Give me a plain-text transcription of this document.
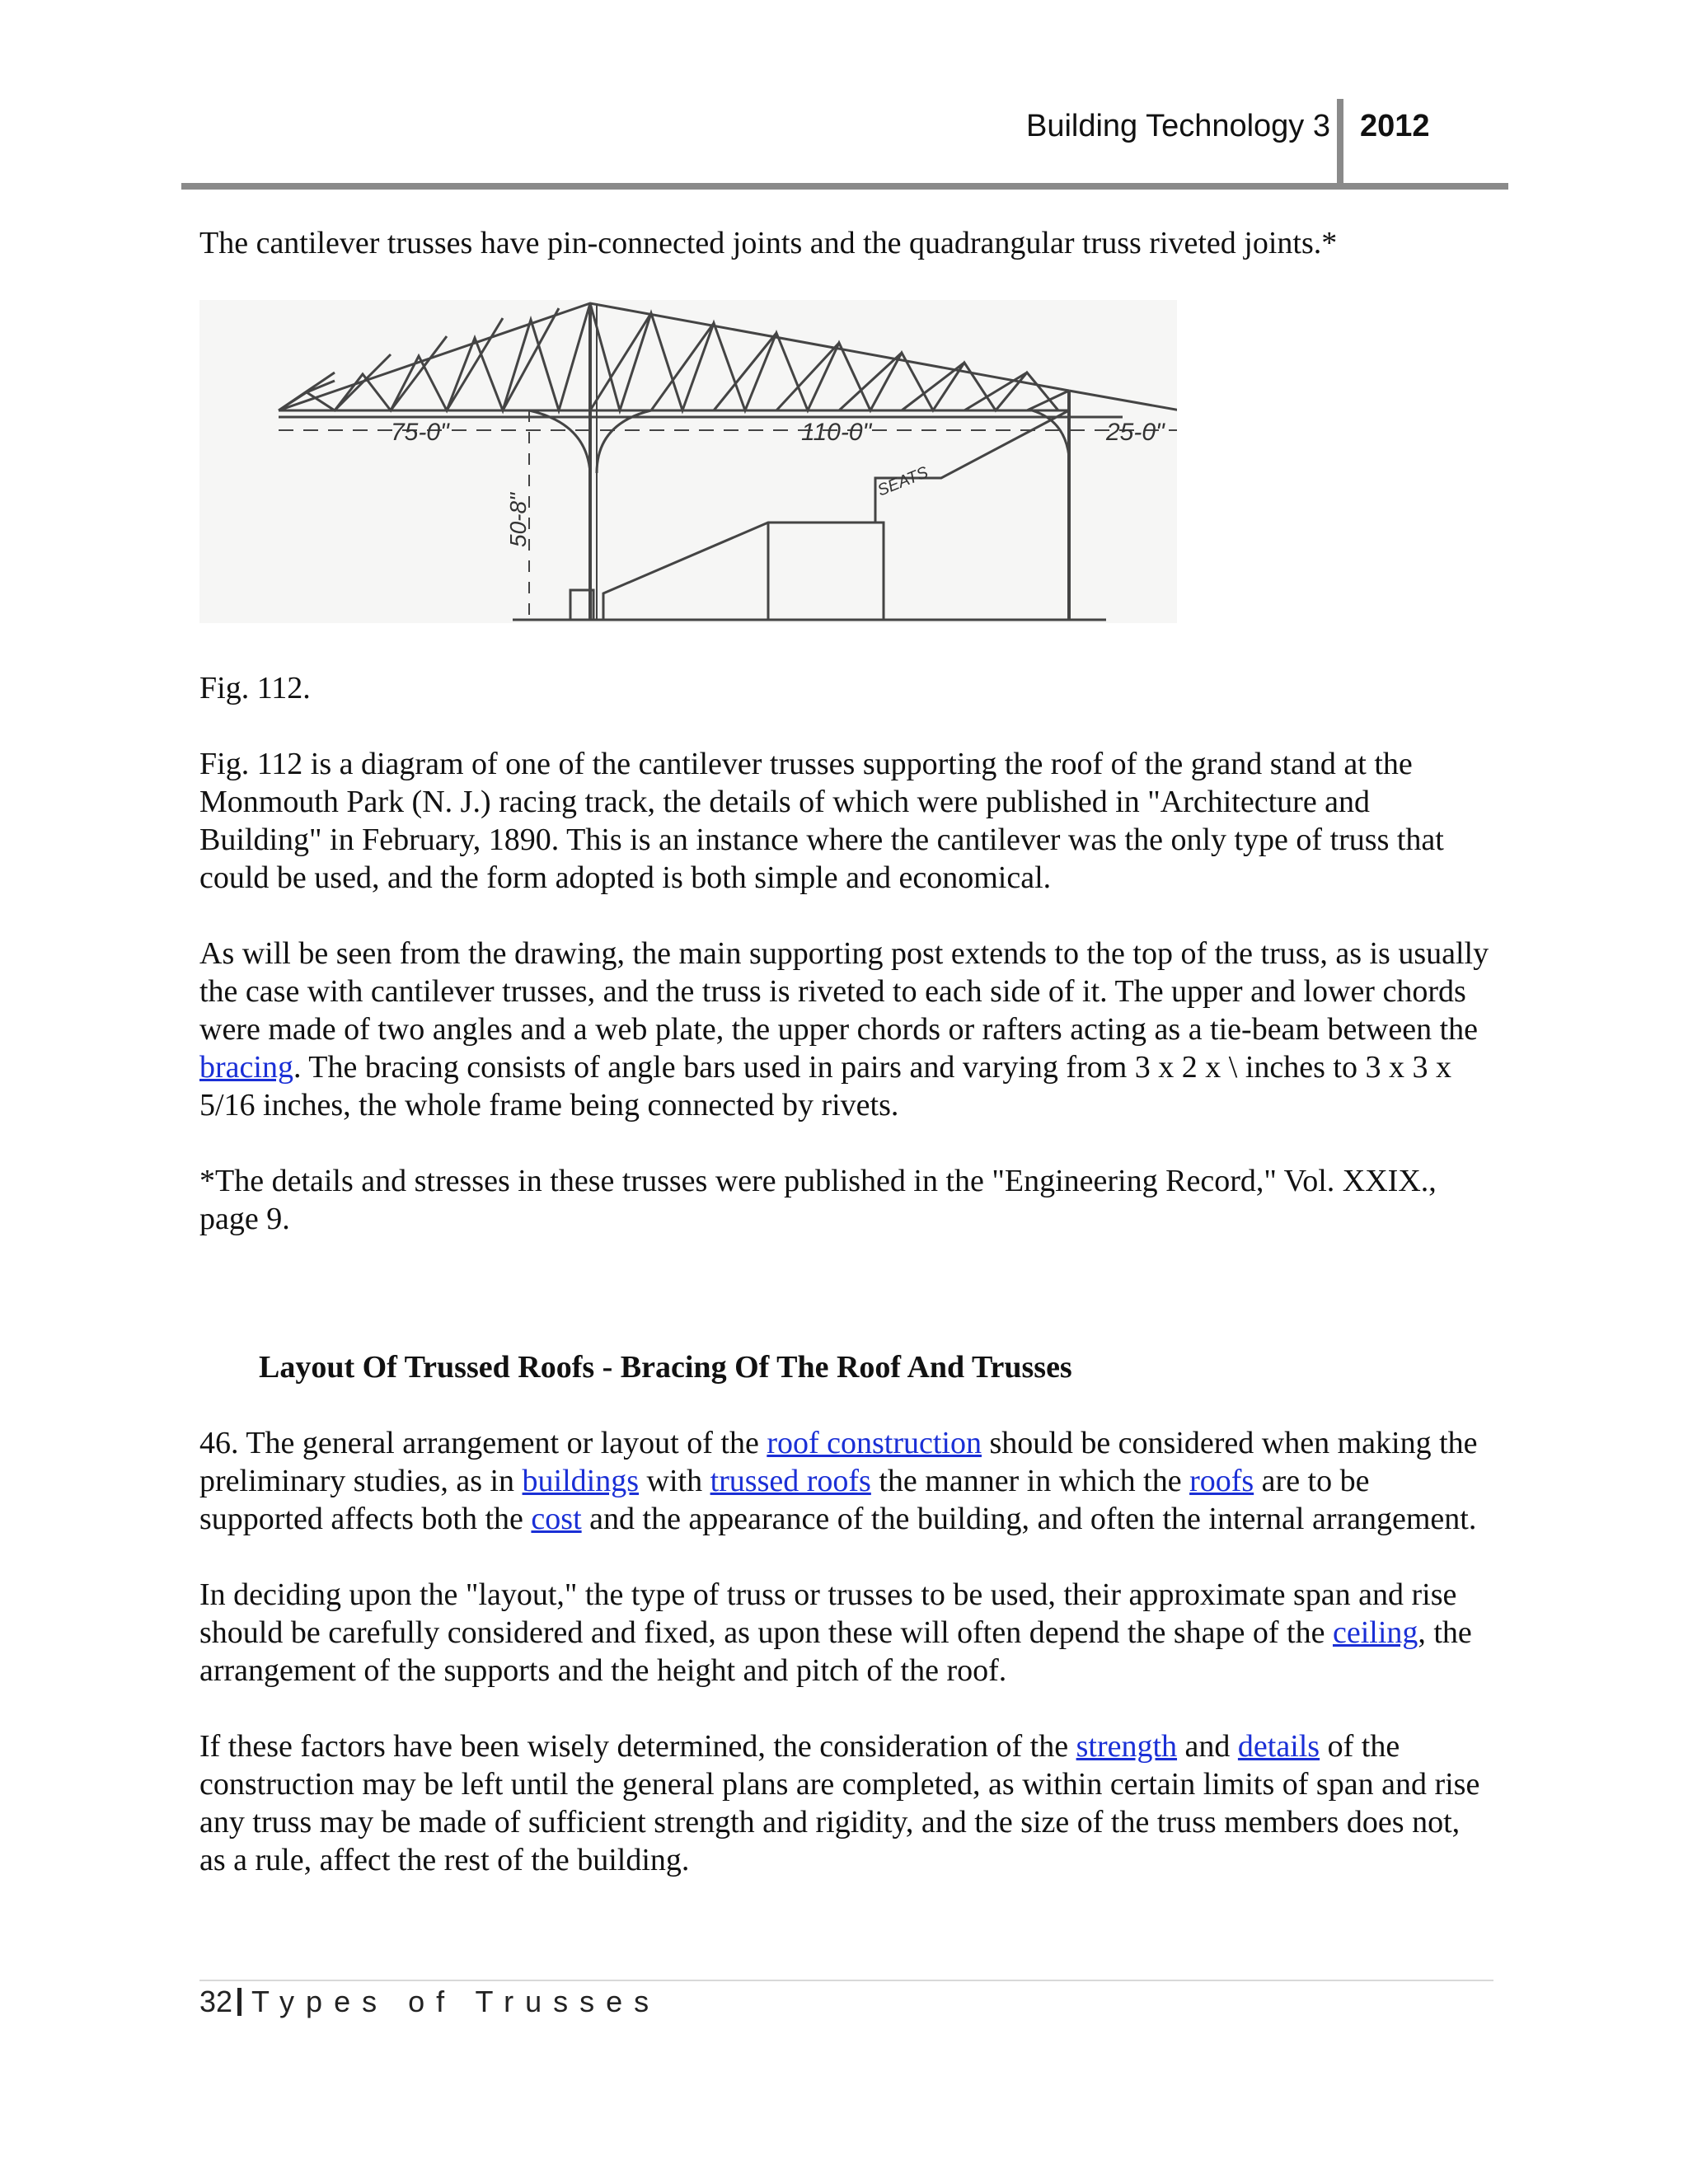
Building Technology 3 2012

The cantilever trusses have pin-connected joints and the quadrangular truss riveted joints.*

75-0"	110-0"	25-0"
50-8"
SEATS

Fig. 112.

Fig. 112 is a diagram of one of the cantilever trusses supporting the roof of the grand stand at the Monmouth Park (N. J.) racing track, the details of which were published in "Architecture and Building" in February, 1890. This is an instance where the cantilever was the only type of truss that could be used, and the form adopted is both simple and economical.

As will be seen from the drawing, the main supporting post extends to the top of the truss, as is usually the case with cantilever trusses, and the truss is riveted to each side of it. The upper and lower chords were made of two angles and a web plate, the upper chords or rafters acting as a tie-beam between the bracing. The bracing consists of angle bars used in pairs and varying from 3 x 2 x \ inches to 3 x 3 x 5/16 inches, the whole frame being connected by rivets.

*The details and stresses in these trusses were published in the "Engineering Record," Vol. XXIX., page 9.

Layout Of Trussed Roofs - Bracing Of The Roof And Trusses

46. The general arrangement or layout of the roof construction should be considered when making the preliminary studies, as in buildings with trussed roofs the manner in which the roofs are to be supported affects both the cost and the appearance of the building, and often the internal arrangement.

In deciding upon the "layout," the type of truss or trusses to be used, their approximate span and rise should be carefully considered and fixed, as upon these will often depend the shape of the ceiling, the arrangement of the supports and the height and pitch of the roof.

If these factors have been wisely determined, the consideration of the strength and details of the construction may be left until the general plans are completed, as within certain limits of span and rise any truss may be made of sufficient strength and rigidity, and the size of the truss members does not, as a rule, affect the rest of the building.

32 Types of Trusses
